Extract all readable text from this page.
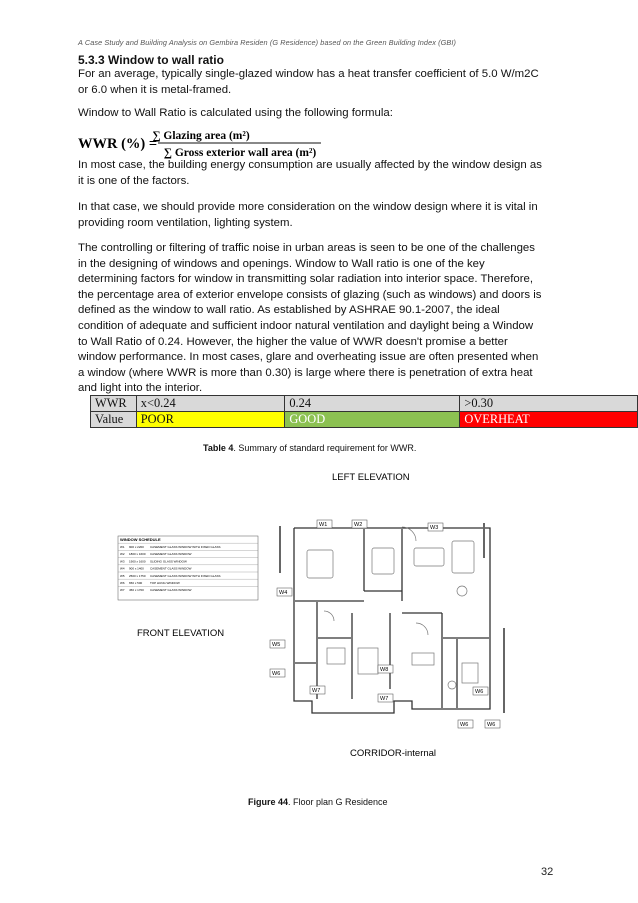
A Case Study and Building Analysis on Gembira Residen (G Residence) based on the Green Building Index (GBI)
5.3.3 Window to wall ratio

For an average, typically single-glazed window has a heat transfer coefficient of 5.0 W/m2C
or 6.0 when it is metal-framed.

Window to Wall Ratio is calculated using the following formula:

WWR (%) =
∑ Glazing area (m²)
∑ Gross exterior wall area (m²)

In most case, the building energy consumption are usually affected by the window design as
it is one of the factors.

In that case, we should provide more consideration on the window design where it is vital in
providing room ventilation, lighting system.

The controlling or filtering of traffic noise in urban areas is seen to be one of the challenges
in the designing of windows and openings. Window to Wall ratio is one of the key
determining factors for window in transmitting solar radiation into interior space. Therefore,
the percentage area of exterior envelope consists of glazing (such as windows) and doors is
defined as the window to wall ratio. As established by ASHRAE 90.1-2007, the ideal
condition of adequate and sufficient indoor natural ventilation and daylight being a Window
to Wall Ratio of 0.24. However, the higher the value of WWR doesn't promise a better
window performance. In most cases, glare and overheating issue are often presented when
a window (where WWR is more than 0.30) is large where there is penetration of extra heat
and light into the interior.

WWR	x<0.24	0.24	>0.30
Value	POOR	GOOD	OVERHEAT
Table 4. Summary of standard requirement for WWR.
LEFT ELEVATION
FRONT ELEVATION
CORRIDOR-internal
WINDOW SCHEDULE
W1 900 x 2200 CASEMENT GLASS WINDOW WITH FIXED GLASS
W2 1800 x 1600 CASEMENT GLASS WINDOW
W3 1900 x 1600 SLIDING GLASS WINDOW
W4 900 x 1400 CASEMENT GLASS WINDOW
W5 2500 x 1750 CASEMENT GLASS WINDOW WITH FIXED GLASS
W6 650 x 500	TOP HUNG WINDOW
W7 450 x 1700 CASEMENT GLASS WINDOW
W1	W2	W3
W4
W5
W6
W7
W8
W7
W6	W6
W6
Figure 44. Floor plan G Residence
32
